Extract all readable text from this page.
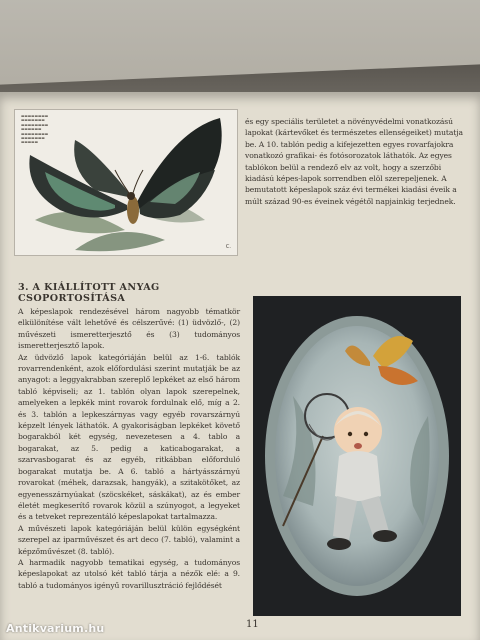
▬▬▬▬▬▬▬▬
▬▬▬▬▬▬▬
▬▬▬▬▬▬▬▬
▬▬▬▬▬▬
▬▬▬▬▬▬▬▬
▬▬▬▬▬▬▬
▬▬▬▬▬
C.
és egy speciális területet a növényvédelmi vonatkozású lapokat (kártevőket és természetes ellenségeiket) mutatja be. A 10. tablón pedig a kifejezetten egyes rovarfajokra vonatkozó grafikai- és fotósorozatok láthatók. Az egyes tablókon belül a rendező elv az volt, hogy a szerzőbi kiadású képes-lapok sorrendben elöl szerepeljenek. A bemutatott képeslapok száz évi termékei kiadási éveik a múlt század 90-es éveinek végétől napjainkig terjednek.
3. A KIÁLLÍTOTT ANYAG CSOPORTOSÍTÁSA
A képeslapok rendezésével három nagyobb tématkör elkülönítése vált lehetővé és célszerűvé: (1) üdvözlő-, (2) művészeti ismeretterjesztő és (3) tudományos ismeretterjesztő lapok.
Az üdvözlő lapok kategóriáján belül az 1-6. tablók rovarrendenként, azok előfordulási szerint mutatják be az anyagot: a leggyakrabban szereplő lepkéket az első három tabló képviseli; az 1. tablón olyan lapok szerepelnek, amelyeken a lepkék mint rovarok fordulnak elő, míg a 2. és 3. tablón a lepkeszárnyas vagy egyéb rovarszárnyú képzelt lények láthatók. A gyakoriságban lepkéket követő bogarakból két egység, nevezetesen a 4. tablo a bogarakat, az 5. pedig a katicabogarakat, a szarvasbogarat és az egyéb, ritkábban előforduló bogarakat mutatja be. A 6. tabló a hártyásszárnyú rovarokat (méhek, darazsak, hangyák), a szitakötőket, az egyenesszárnyúakat (szöcskéket, sáskákat), az és ember életét megkeserítő rovarok közül a szúnyogot, a legyeket és a tetveket reprezentáló képeslapokat tartalmazza.
A művészeti lapok kategóriáján belül külön egységként szerepel az iparművészet és art deco (7. tabló), valamint a képzőművészet (8. tabló).
A harmadik nagyobb tematikai egység, a tudományos képeslapokat az utolsó két tabló tárja a nézők elé: a 9. tabló a tudományos igényű rovarillusztráció fejlődését
11
Antikvarium.hu
